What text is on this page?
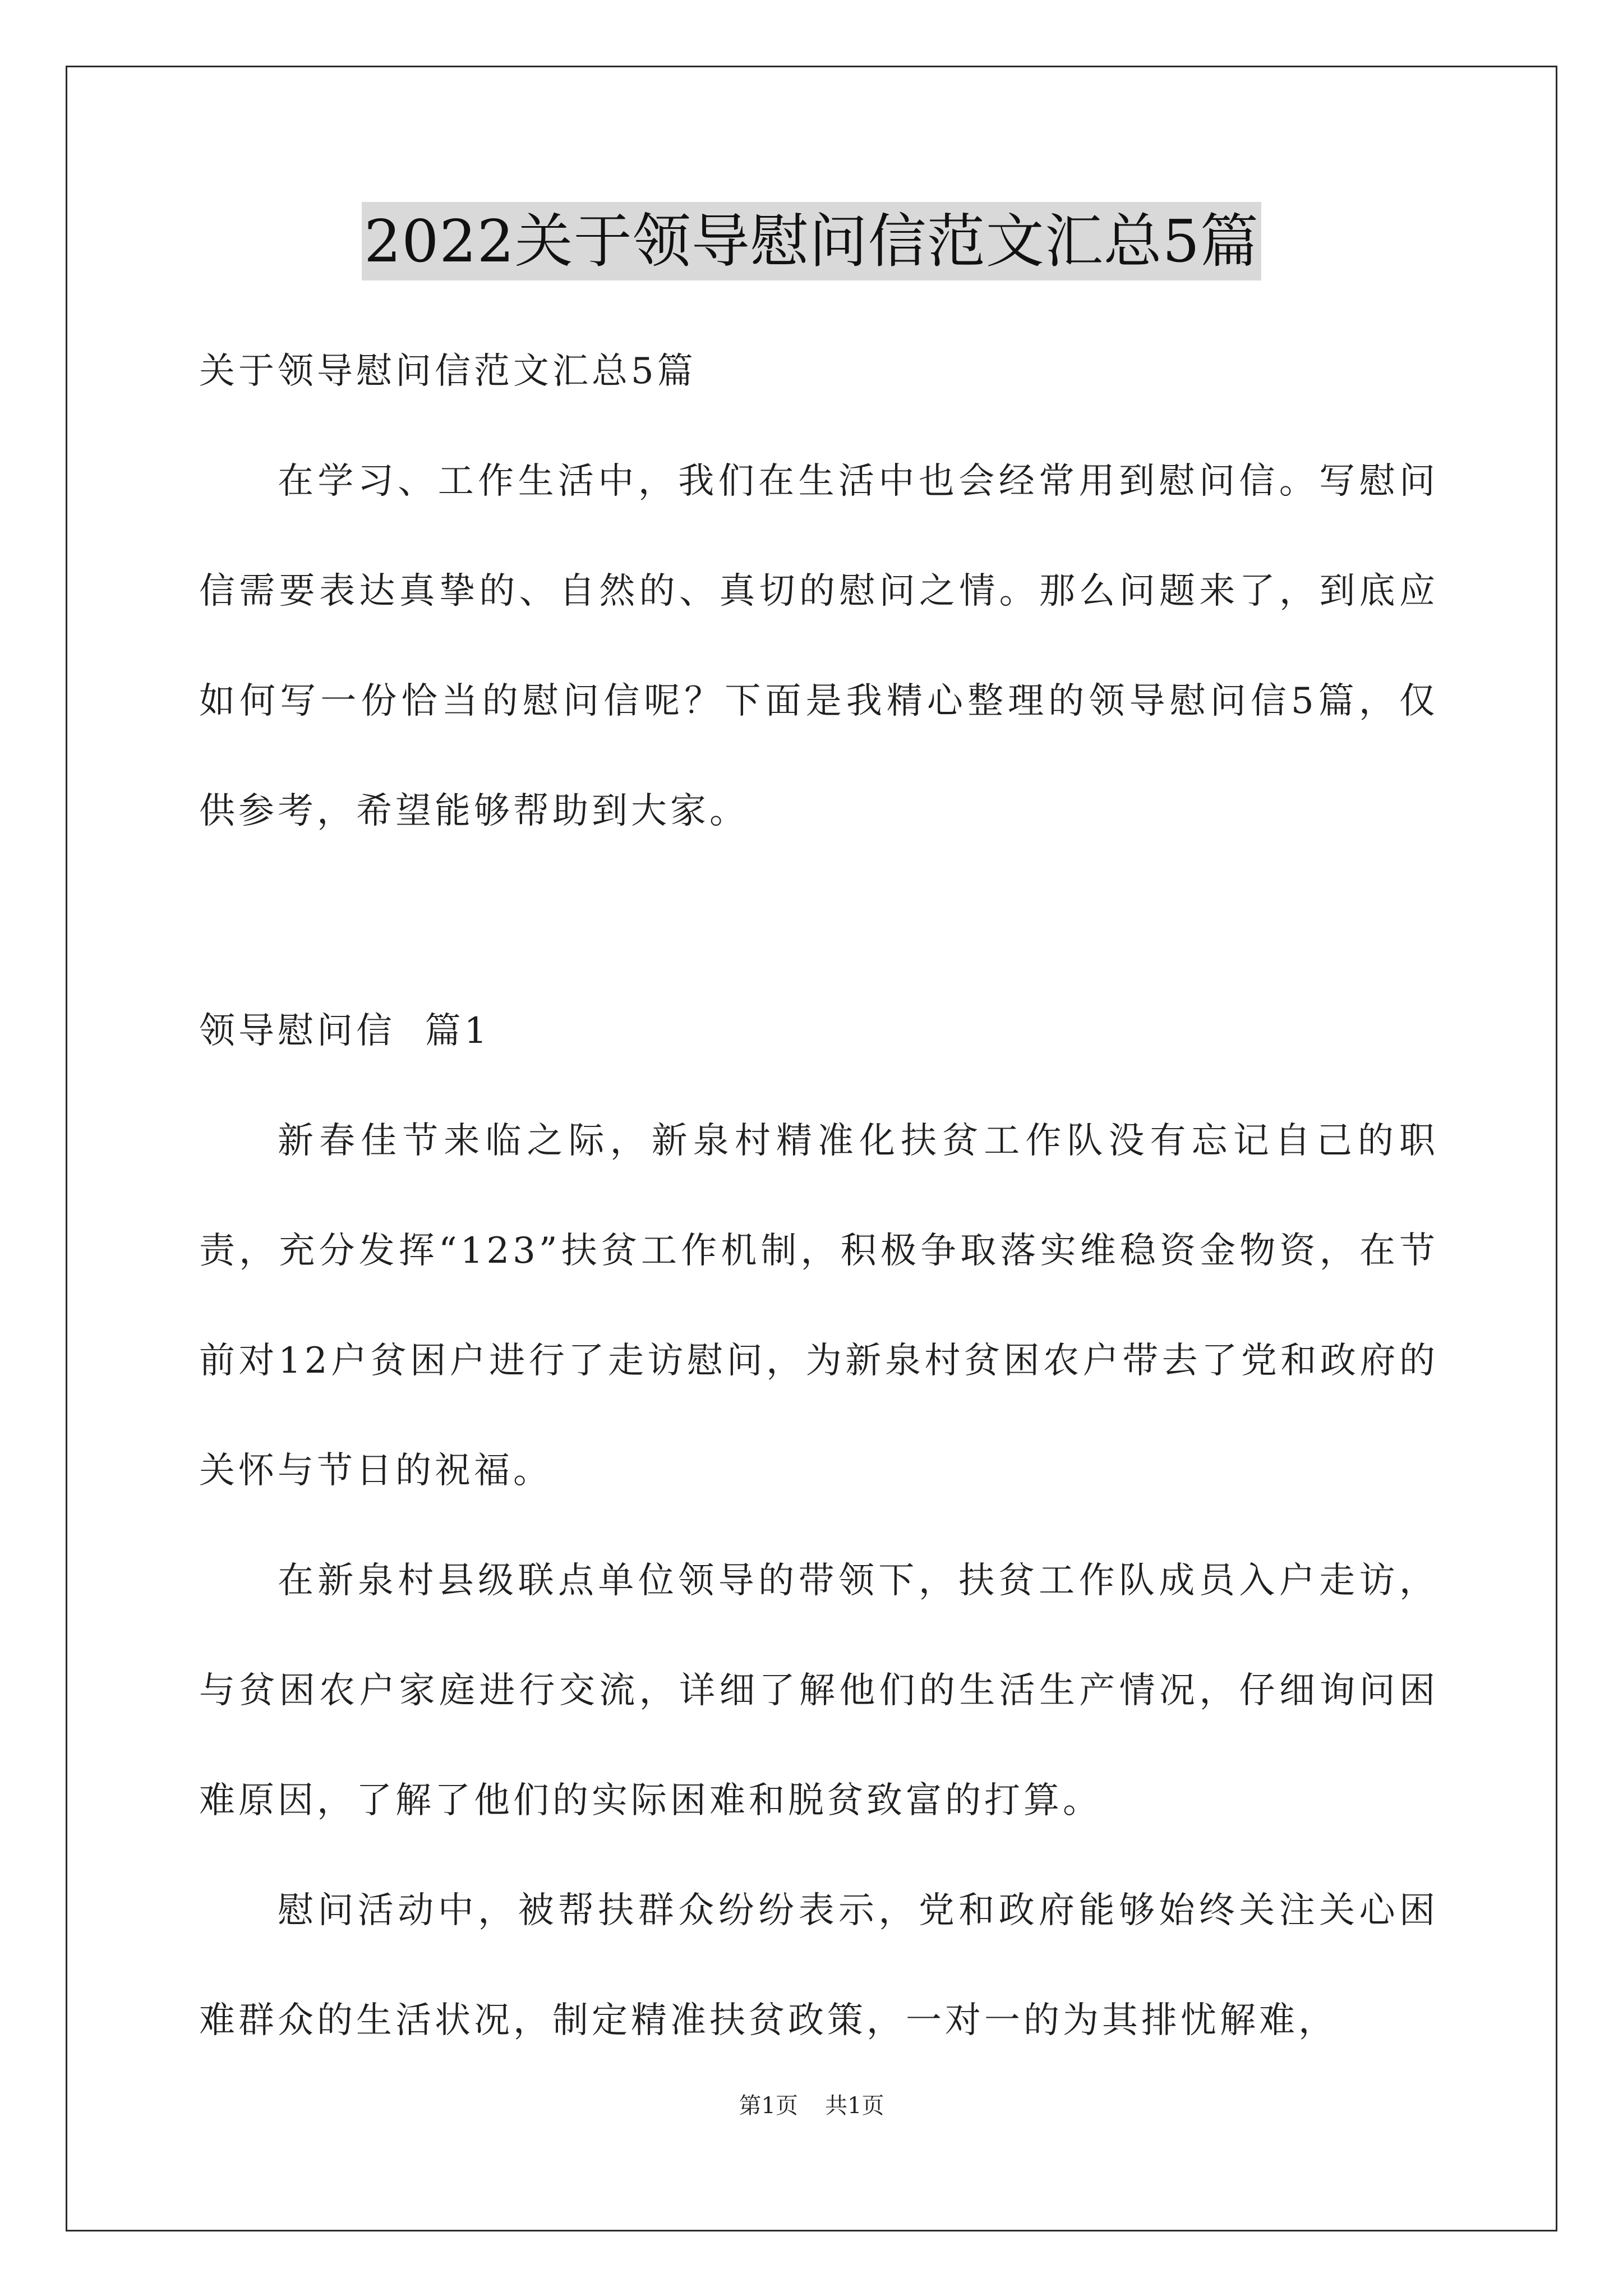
2022关于领导慰问信范文汇总5篇

关于领导慰问信范文汇总5篇

在学习、工作生活中，我们在生活中也会经常用到慰问信。写慰问信需要表达真挚的、自然的、真切的慰问之情。那么问题来了，到底应如何写一份恰当的慰问信呢？下面是我精心整理的领导慰问信5篇，仅供参考，希望能够帮助到大家。

领导慰问信  篇1

新春佳节来临之际，新泉村精准化扶贫工作队没有忘记自己的职责，充分发挥“123”扶贫工作机制，积极争取落实维稳资金物资，在节前对12户贫困户进行了走访慰问，为新泉村贫困农户带去了党和政府的关怀与节日的祝福。

在新泉村县级联点单位领导的带领下，扶贫工作队成员入户走访，与贫困农户家庭进行交流，详细了解他们的生活生产情况，仔细询问困难原因，了解了他们的实际困难和脱贫致富的打算。

慰问活动中，被帮扶群众纷纷表示，党和政府能够始终关注关心困难群众的生活状况，制定精准扶贫政策，一对一的为其排忧解难，

第1页 共1页
